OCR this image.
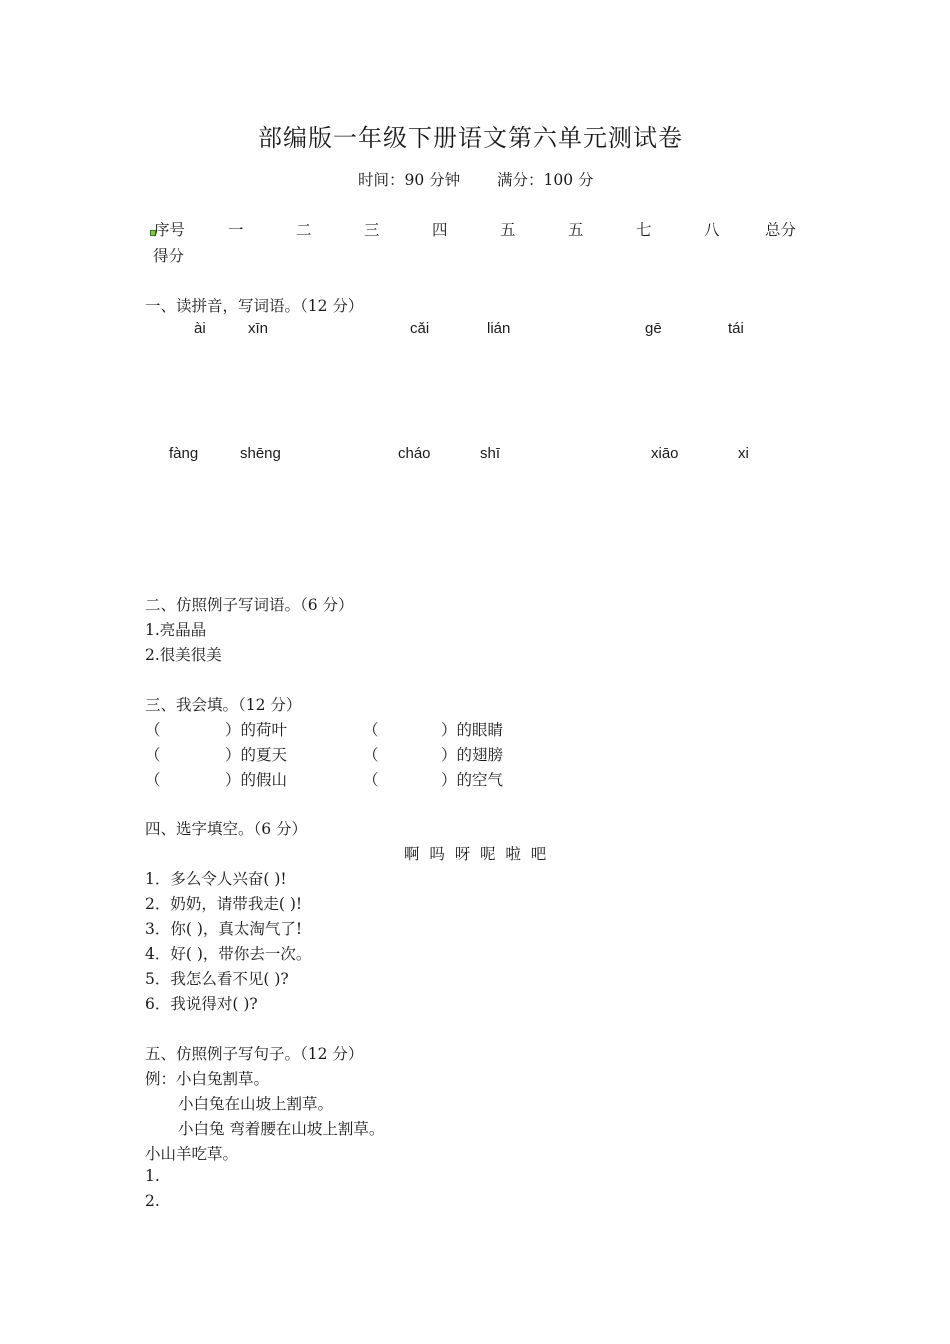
部编版一年级下册语文第六单元测试卷
时间：90 分钟 满分：100 分
序号	一	二	三	四	五	五	七	八	总分
得分
一、读拼音，写词语。（12 分）
ài	xīn	cǎi	lián	gē	tái
fàng	shēng	cháo	shī	xiāo	xi
二、仿照例子写词语。（6 分）
1.亮晶晶
2.很美很美
三、我会填。（12 分）
（	）的荷叶	（	）的眼睛
（	）的夏天	（	）的翅膀
（	）的假山	（	）的空气
四、选字填空。（6 分）
啊  吗  呀  呢  啦  吧
1．多么令人兴奋( )!
2．奶奶，请带我走( )!
3．你( )，真太淘气了!
4．好( )，带你去一次。
5．我怎么看不见( )?
6．我说得对( )?
五、仿照例子写句子。（12 分）
例：小白兔割草。
小白兔在山坡上割草。
小白兔 弯着腰在山坡上割草。
小山羊吃草。
1.
2.
